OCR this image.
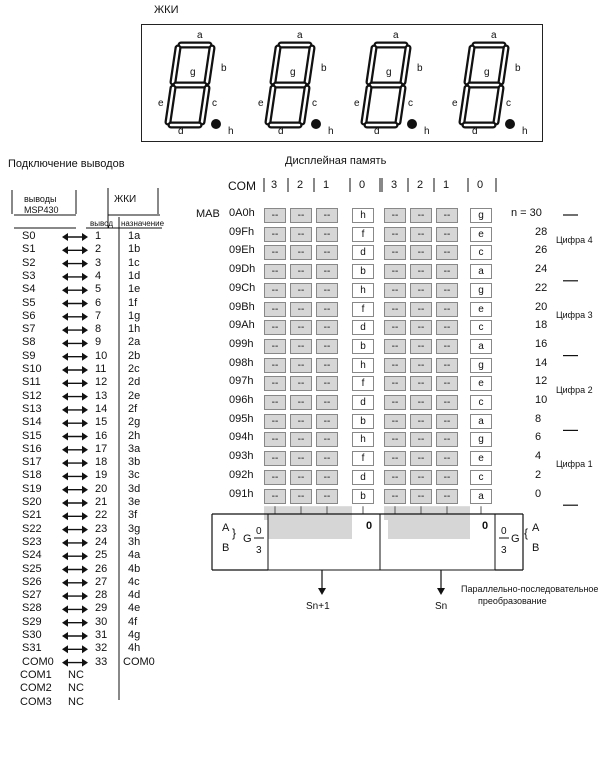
ЖКИ
a
g	b
e	c
d	h
a
g	b
e	c
d	h
a
g	b
e	c
d	h
a
g	b
e	c
d	h
Подключение выводов
выводы
MSP430
ЖКИ
вывод назначение
S0	1 1a
S1	2 1b
S2	3 1c
S3	4 1d
S4	5 1e
S5	6 1f
S6	7 1g
S7	8 1h
S8	9 2a
S9	10 2b
S10	11 2c
S11	12 2d
S12	13 2e
S13	14 2f
S14	15 2g
S15	16 2h
S16	17 3a
S17	18 3b
S18	19 3c
S19	20 3d
S20	21 3e
S21	22 3f
S22	23 3g
S23	24 3h
S24	25 4a
S25	26 4b
S26	27 4c
S27	28 4d
S28	29 4e
S29	30 4f
S30	31 4g
S31	32 4h
COM0	33 COM0
COM1 NC
COM2 NC
COM3 NC
Дисплейная память
COM
MAB
3 2 1	0 3 2 1	0
0A0h	--	--	--	h	--	--	--	g	n = 30
09Fh	--	--	--	f	--	--	--	e	28
09Eh	--	--	--	d	--	--	--	c	26
09Dh	--	--	--	b	--	--	--	a	24
09Ch	--	--	--	h	--	--	--	g	22
09Bh	--	--	--	f	--	--	--	e	20
09Ah	--	--	--	d	--	--	--	c	18
099h	--	--	--	b	--	--	--	a	16
098h	--	--	--	h	--	--	--	g	14
097h	--	--	--	f	--	--	--	e	12
096h	--	--	--	d	--	--	--	c	10
095h	--	--	--	b	--	--	--	a	8
094h	--	--	--	h	--	--	--	g	6
093h	--	--	--	f	--	--	--	e	4
092h	--	--	--	d	--	--	--	c	2
091h	--	--	--	b	--	--	--	a	0
Цифра 4
Цифра 3
Цифра 2
Цифра 1
0	0
A
B
G
0
3
}	0
3
G
A
B
{
Sn+1	Sn
Параллельно-последовательное
преобразование
